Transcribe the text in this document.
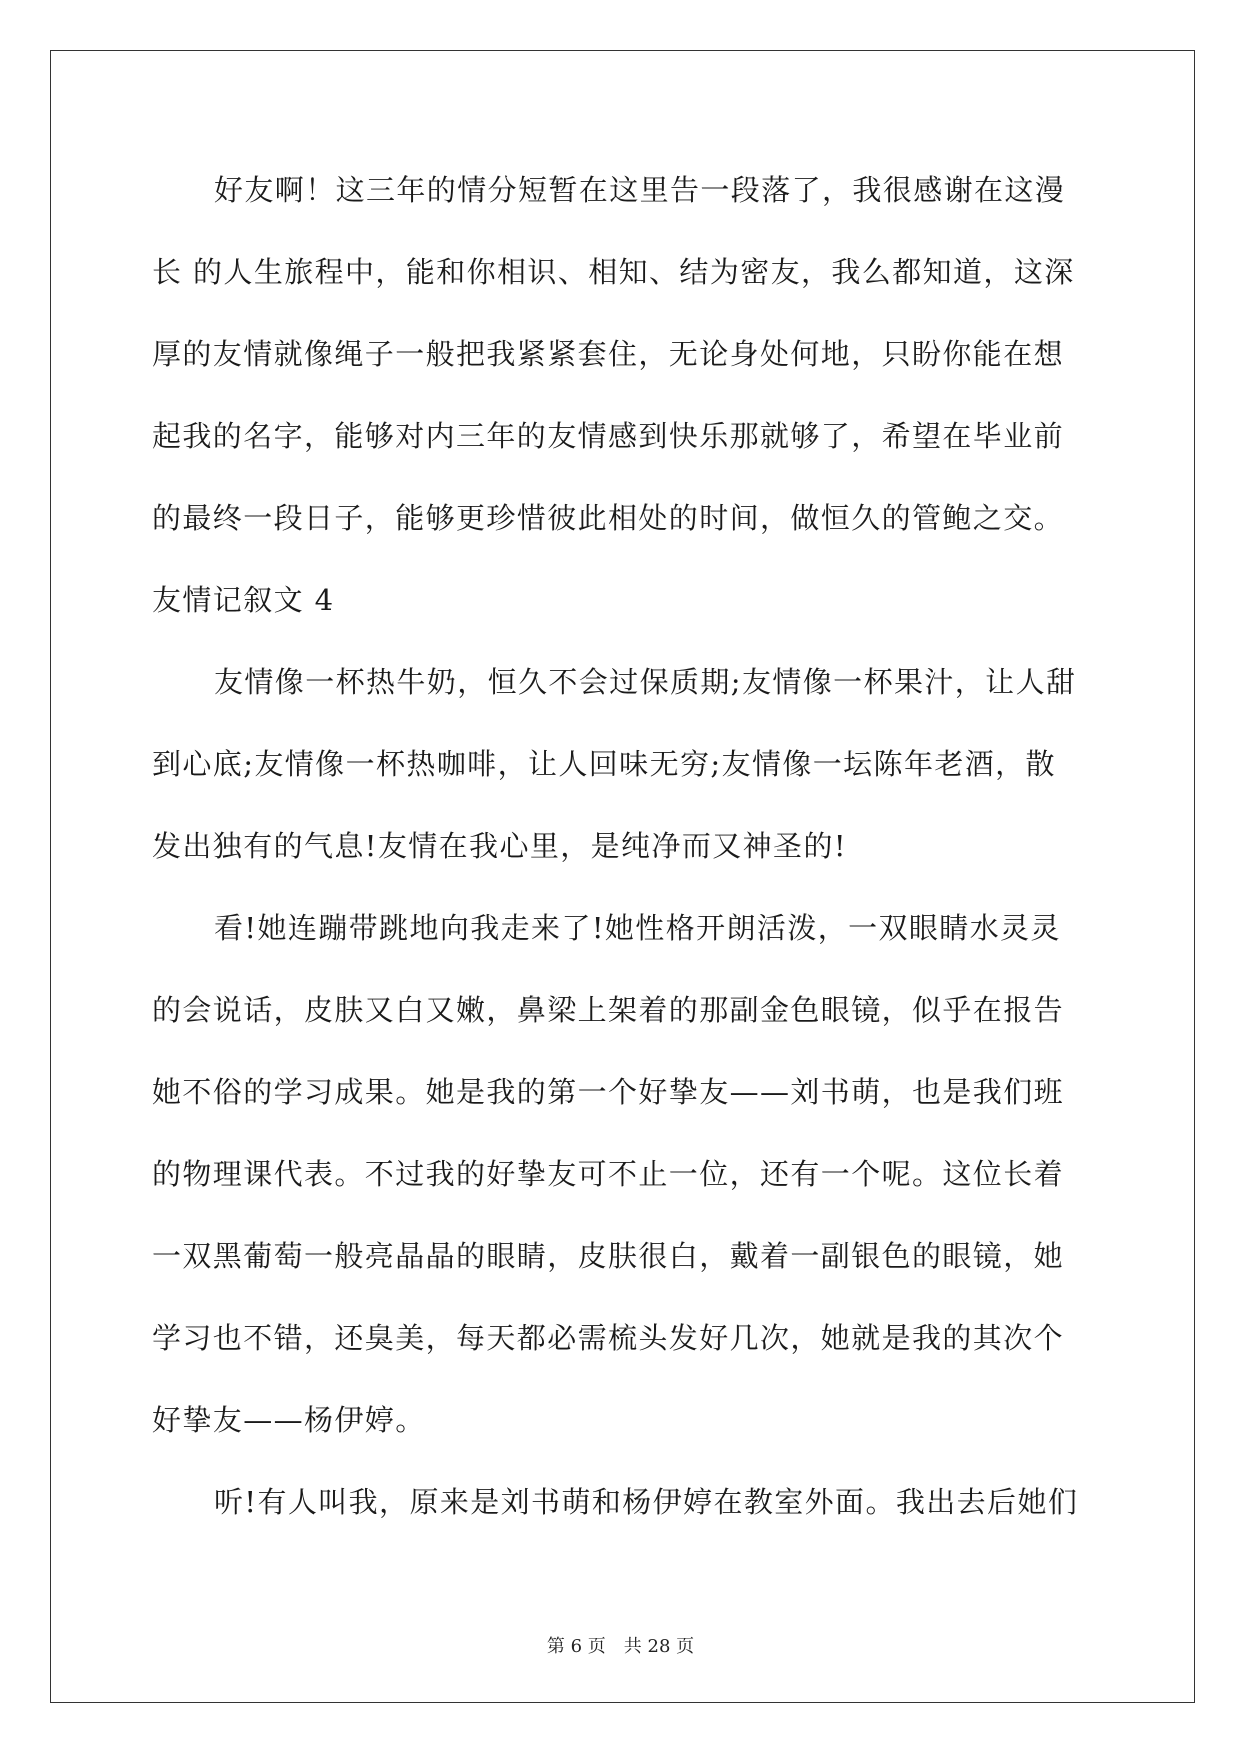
好友啊！这三年的情分短暂在这里告一段落了，我很感谢在这漫
长 的人生旅程中，能和你相识、相知、结为密友，我么都知道，这深
厚的友情就像绳子一般把我紧紧套住，无论身处何地，只盼你能在想
起我的名字，能够对内三年的友情感到快乐那就够了，希望在毕业前
的最终一段日子，能够更珍惜彼此相处的时间，做恒久的管鲍之交。
友情记叙文 4
友情像一杯热牛奶，恒久不会过保质期;友情像一杯果汁，让人甜
到心底;友情像一杯热咖啡，让人回味无穷;友情像一坛陈年老酒，散
发出独有的气息!友情在我心里，是纯净而又神圣的!
看!她连蹦带跳地向我走来了!她性格开朗活泼，一双眼睛水灵灵
的会说话，皮肤又白又嫩，鼻梁上架着的那副金色眼镜，似乎在报告
她不俗的学习成果。她是我的第一个好挚友——刘书萌，也是我们班
的物理课代表。不过我的好挚友可不止一位，还有一个呢。这位长着
一双黑葡萄一般亮晶晶的眼睛，皮肤很白，戴着一副银色的眼镜，她
学习也不错，还臭美，每天都必需梳头发好几次，她就是我的其次个
好挚友——杨伊婷。
听!有人叫我，原来是刘书萌和杨伊婷在教室外面。我出去后她们
第 6 页 共 28 页
